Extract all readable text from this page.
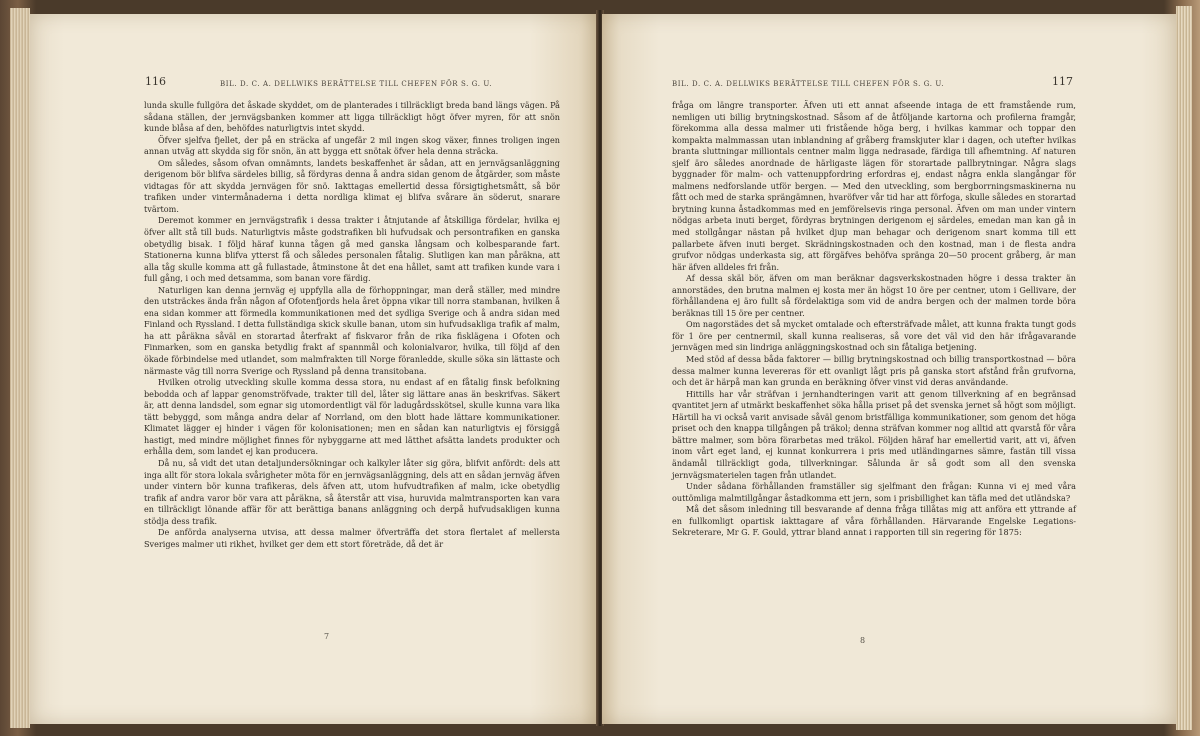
116	BIL. D. C. A. DELLWIKS BERÄTTELSE TILL CHEFEN FÖR S. G. U.

lunda skulle fullgöra det åskade skyddet, om de planterades i tillräckligt breda band längs vägen. På sådana ställen, der jernvägsbanken kommer att ligga tillräckligt högt öfver myren, för att snön kunde blåsa af den, behöfdes naturligtvis intet skydd.

Öfver sjelfva fjellet, der på en sträcka af ungefär 2 mil ingen skog växer, finnes troligen ingen annan utväg att skydda sig för snön, än att bygga ett snötak öfver hela denna sträcka.

Om således, såsom ofvan omnämnts, landets beskaffenhet är sådan, att en jernvägsanläggning derigenom bör blifva särdeles billig, så fördyras denna å andra sidan genom de åtgärder, som måste vidtagas för att skydda jernvägen för snö. Iakttagas emellertid dessa försigtighetsmått, så bör trafiken under vintermånaderna i detta nordliga klimat ej blifva svårare än söderut, snarare tvärtom.

Deremot kommer en jernvägstrafik i dessa trakter i åtnjutande af åtskilliga fördelar, hvilka ej öfver allt stå till buds. Naturligtvis måste godstrafiken bli hufvudsak och persontrafiken en ganska obetydlig bisak. I följd häraf kunna tågen gå med ganska långsam och kolbesparande fart. Stationerna kunna blifva ytterst få och således personalen fåtalig. Slutligen kan man påräkna, att alla tåg skulle komma att gå fullastade, åtminstone åt det ena hållet, samt att trafiken kunde vara i full gång, i och med detsamma, som banan vore färdig.

Naturligen kan denna jernväg ej uppfylla alla de förhoppningar, man derå ställer, med mindre den utsträckes ända från någon af Ofotenfjords hela året öppna vikar till norra stambanan, hvilken å ena sidan kommer att förmedla kommunikationen med det sydliga Sverige och å andra sidan med Finland och Ryssland. I detta fullständiga skick skulle banan, utom sin hufvudsakliga trafik af malm, ha att påräkna såväl en storartad återfrakt af fiskvaror från de rika fisklägena i Ofoten och Finmarken, som en ganska betydlig frakt af spannmål och kolonialvaror, hvilka, till följd af den ökade förbindelse med utlandet, som malmfrakten till Norge föranledde, skulle söka sin lättaste och närmaste väg till norra Sverige och Ryssland på denna transitobana.

Hvilken otrolig utveckling skulle komma dessa stora, nu endast af en fåtalig finsk befolkning bebodda och af lappar genomströfvade, trakter till del, låter sig lättare anas än beskrifvas. Säkert är, att denna landsdel, som egnar sig utomordentligt väl för ladugårdsskötsel, skulle kunna vara lika tätt bebyggd, som många andra delar af Norrland, om den blott hade lättare kommunikationer. Klimatet lägger ej hinder i vägen för kolonisationen; men en sådan kan naturligtvis ej försiggå hastigt, med mindre möjlighet finnes för nybyggarne att med lätthet afsätta landets produkter och erhålla dem, som landet ej kan producera.

Då nu, så vidt det utan detaljundersökningar och kalkyler låter sig göra, blifvit anfördt: dels att inga allt för stora lokala svårigheter möta för en jernvägsanläggning, dels att en sådan jernväg äfven under vintern bör kunna trafikeras, dels äfven att, utom hufvudtrafiken af malm, icke obetydlig trafik af andra varor bör vara att påräkna, så återstår att visa, huruvida malmtransporten kan vara en tillräckligt lönande affär för att berättiga banans anläggning och derpå hufvudsakligen kunna stödja dess trafik.

De anförda analyserna utvisa, att dessa malmer öfverträffa det stora flertalet af mellersta Sveriges malmer uti rikhet, hvilket ger dem ett stort företräde, då det är

7
BIL. D. C. A. DELLWIKS BERÄTTELSE TILL CHEFEN FÖR S. G. U.	117

fråga om längre transporter. Äfven uti ett annat afseende intaga de ett framstående rum, nemligen uti billig brytningskostnad. Såsom af de åtföljande kartorna och profilerna framgår, förekomma alla dessa malmer uti fristående höga berg, i hvilkas kammar och toppar den kompakta malmmassan utan inblandning af gråberg framskjuter klar i dagen, och utefter hvilkas branta sluttningar milliontals centner malm ligga nedrasade, färdiga till afhemtning. Af naturen sjelf äro således anordnade de härligaste lägen för storartade pallbrytningar. Några slags byggnader för malm- och vattenuppfordring erfordras ej, endast några enkla slangångar för malmens nedforslande utför bergen. — Med den utveckling, som bergborrningsmaskinerna nu fått och med de starka sprängämnen, hvaröfver vår tid har att förfoga, skulle således en storartad brytning kunna åstadkommas med en jemförelsevis ringa personal. Äfven om man under vintern nödgas arbeta inuti berget, fördyras brytningen derigenom ej särdeles, emedan man kan gå in med stollgångar nästan på hvilket djup man behagar och derigenom snart komma till ett pallarbete äfven inuti berget. Skrädningskostnaden och den kostnad, man i de flesta andra grufvor nödgas underkasta sig, att förgäfves behöfva spränga 20—50 procent gråberg, är man här äfven alldeles fri från.

Af dessa skäl bör, äfven om man beräknar dagsverkskostnaden högre i dessa trakter än annorstädes, den brutna malmen ej kosta mer än högst 10 öre per centner, utom i Gellivare, der förhållandena ej äro fullt så fördelaktiga som vid de andra bergen och der malmen torde böra beräknas till 15 öre per centner.

Om nagorstädes det så mycket omtalade och eftersträfvade målet, att kunna frakta tungt gods för 1 öre per centnermil, skall kunna realiseras, så vore det väl vid den här ifrågavarande jernvägen med sin lindriga anläggningskostnad och sin fåtaliga betjening.

Med stöd af dessa båda faktorer — billig brytningskostnad och billig transportkostnad — böra dessa malmer kunna levereras för ett ovanligt lågt pris på ganska stort afstånd från grufvorna, och det är härpå man kan grunda en beräkning öfver vinst vid deras användande.

Hittills har vår sträfvan i jernhandteringen varit att genom tillverkning af en begränsad qvantitet jern af utmärkt beskaffenhet söka hålla priset på det svenska jernet så högt som möjligt. Härtill ha vi också varit anvisade såväl genom bristfälliga kommunikationer, som genom det höga priset och den knappa tillgången på träkol; denna sträfvan kommer nog alltid att qvarstå för våra bättre malmer, som böra förarbetas med träkol. Följden häraf har emellertid varit, att vi, äfven inom vårt eget land, ej kunnat konkurrera i pris med utländingarnes sämre, fastän till vissa ändamål tillräckligt goda, tillverkningar. Sålunda är så godt som all den svenska jernvägsmaterielen tagen från utlandet.

Under sådana förhållanden framställer sig sjelfmant den frågan: Kunna vi ej med våra outtömliga malmtillgångar åstadkomma ett jern, som i prisbillighet kan täfla med det utländska?

Må det såsom inledning till besvarande af denna fråga tillåtas mig att anföra ett yttrande af en fullkomligt opartisk iakttagare af våra förhållanden. Härvarande Engelske Legations-Sekreterare, Mr G. F. Gould, yttrar bland annat i rapporten till sin regering för 1875:

8
